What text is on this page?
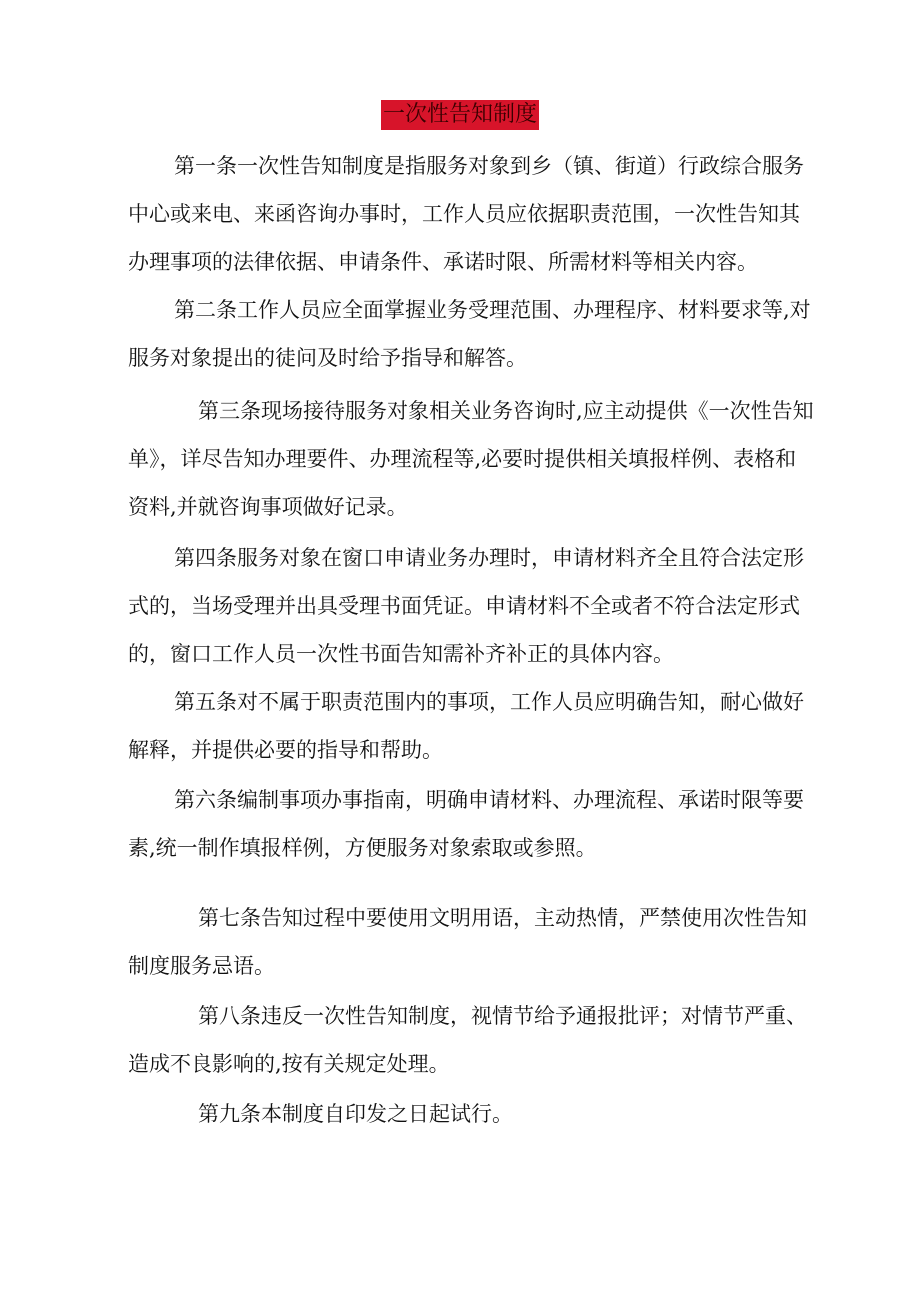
一次性告知制度
第一条一次性告知制度是指服务对象到乡（镇、街道）行政综合服务
中心或来电、来函咨询办事时，工作人员应依据职责范围，一次性告知其
办理事项的法律依据、申请条件、承诺时限、所需材料等相关内容。
第二条工作人员应全面掌握业务受理范围、办理程序、材料要求等,对
服务对象提出的徒问及时给予指导和解答。
第三条现场接待服务对象相关业务咨询时,应主动提供《一次性告知
单》，详尽告知办理要件、办理流程等,必要时提供相关填报样例、表格和
资料,并就咨询事项做好记录。
第四条服务对象在窗口申请业务办理时，申请材料齐全且符合法定形
式的，当场受理并出具受理书面凭证。申请材料不全或者不符合法定形式
的，窗口工作人员一次性书面告知需补齐补正的具体内容。
第五条对不属于职责范围内的事项，工作人员应明确告知，耐心做好
解释，并提供必要的指导和帮助。
第六条编制事项办事指南，明确申请材料、办理流程、承诺时限等要
素,统一制作填报样例，方便服务对象索取或参照。
第七条告知过程中要使用文明用语，主动热情，严禁使用次性告知
制度服务忌语。
第八条违反一次性告知制度，视情节给予通报批评；对情节严重、
造成不良影响的,按有关规定处理。
第九条本制度自印发之日起试行。
